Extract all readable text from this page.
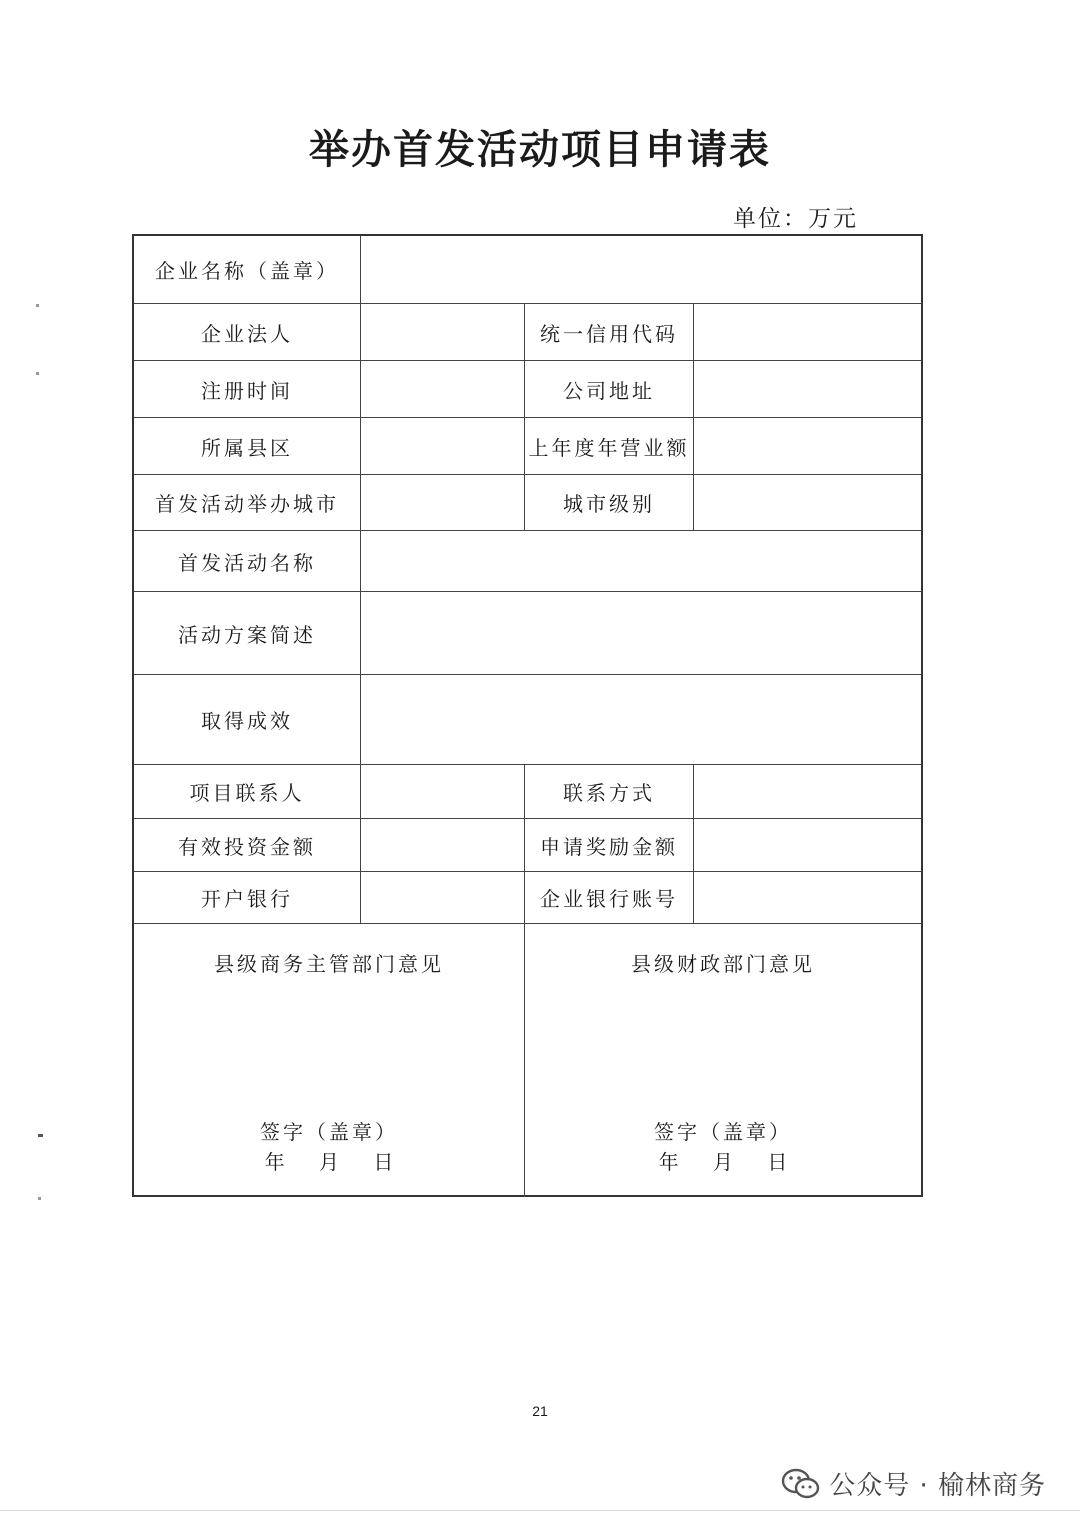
举办首发活动项目申请表
单位：万元
企业名称（盖章）
企业法人	统一信用代码
注册时间	公司地址
所属县区	上年度年营业额
首发活动举办城市	城市级别
首发活动名称
活动方案简述
取得成效
项目联系人	联系方式
有效投资金额	申请奖励金额
开户银行	企业银行账号
县级商务主管部门意见
签字（盖章）
年 月 日
县级财政部门意见
签字（盖章）
年 月 日
21
公众号 · 榆林商务
